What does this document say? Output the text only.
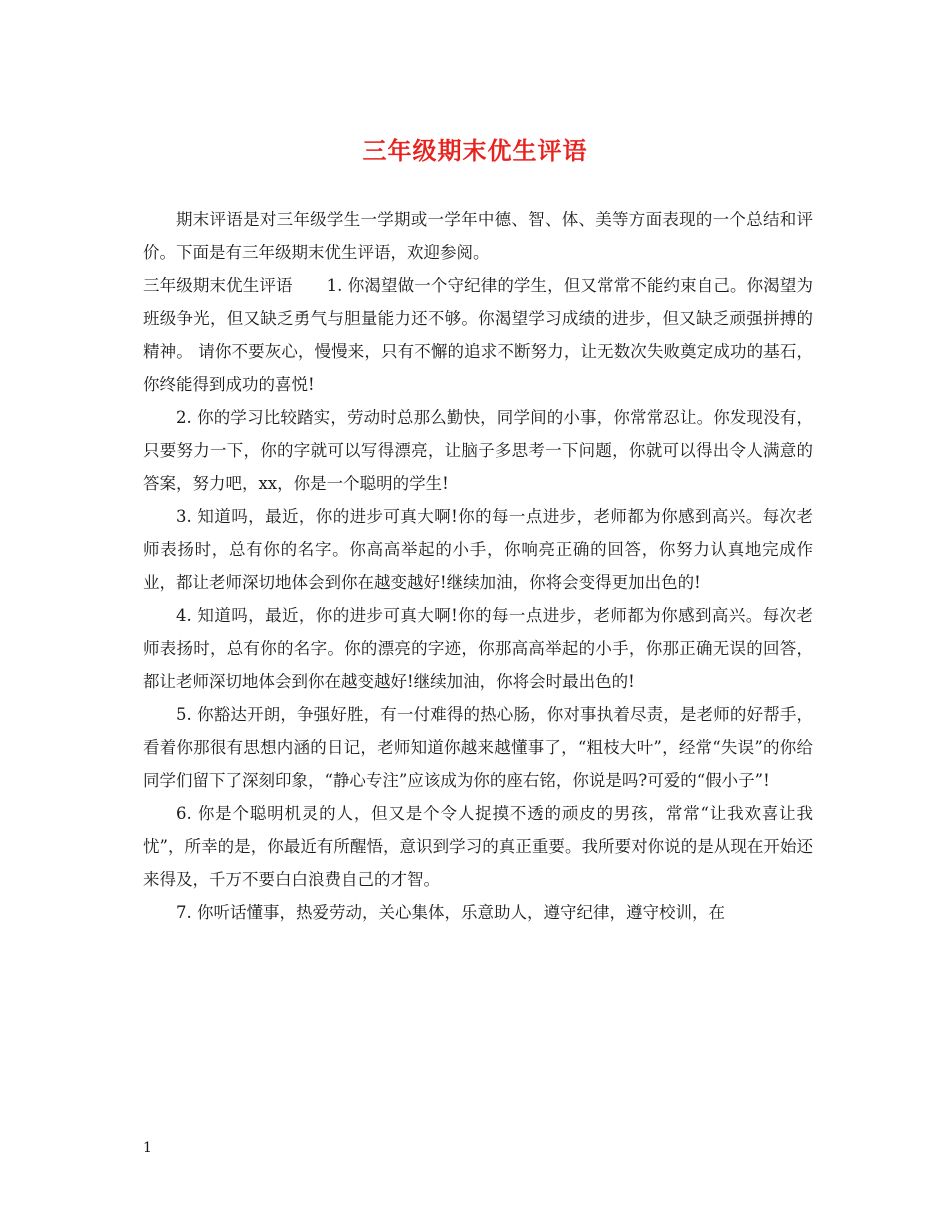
三年级期末优生评语

期末评语是对三年级学生一学期或一学年中德、智、体、美等方面表现的一个总结和评价。下面是有三年级期末优生评语，欢迎参阅。

三年级期末优生评语 1. 你渴望做一个守纪律的学生，但又常常不能约束自己。你渴望为班级争光，但又缺乏勇气与胆量能力还不够。你渴望学习成绩的进步，但又缺乏顽强拼搏的精神。 请你不要灰心，慢慢来，只有不懈的追求不断努力，让无数次失败奠定成功的基石，你终能得到成功的喜悦!

2. 你的学习比较踏实，劳动时总那么勤快，同学间的小事，你常常忍让。你发现没有，只要努力一下，你的字就可以写得漂亮，让脑子多思考一下问题，你就可以得出令人满意的答案，努力吧，xx，你是一个聪明的学生!

3. 知道吗，最近，你的进步可真大啊!你的每一点进步，老师都为你感到高兴。每次老师表扬时，总有你的名字。你高高举起的小手，你响亮正确的回答，你努力认真地完成作业，都让老师深切地体会到你在越变越好!继续加油，你将会变得更加出色的!

4. 知道吗，最近，你的进步可真大啊!你的每一点进步，老师都为你感到高兴。每次老师表扬时，总有你的名字。你的漂亮的字迹，你那高高举起的小手，你那正确无误的回答，都让老师深切地体会到你在越变越好!继续加油，你将会时最出色的!

5. 你豁达开朗，争强好胜，有一付难得的热心肠，你对事执着尽责，是老师的好帮手，看着你那很有思想内涵的日记，老师知道你越来越懂事了，“粗枝大叶”，经常“失误”的你给同学们留下了深刻印象，“静心专注”应该成为你的座右铭，你说是吗?可爱的“假小子”!

6. 你是个聪明机灵的人，但又是个令人捉摸不透的顽皮的男孩，常常“让我欢喜让我忧”，所幸的是，你最近有所醒悟，意识到学习的真正重要。我所要对你说的是从现在开始还来得及，千万不要白白浪费自己的才智。

7. 你听话懂事，热爱劳动，关心集体，乐意助人，遵守纪律，遵守校训，在

1
